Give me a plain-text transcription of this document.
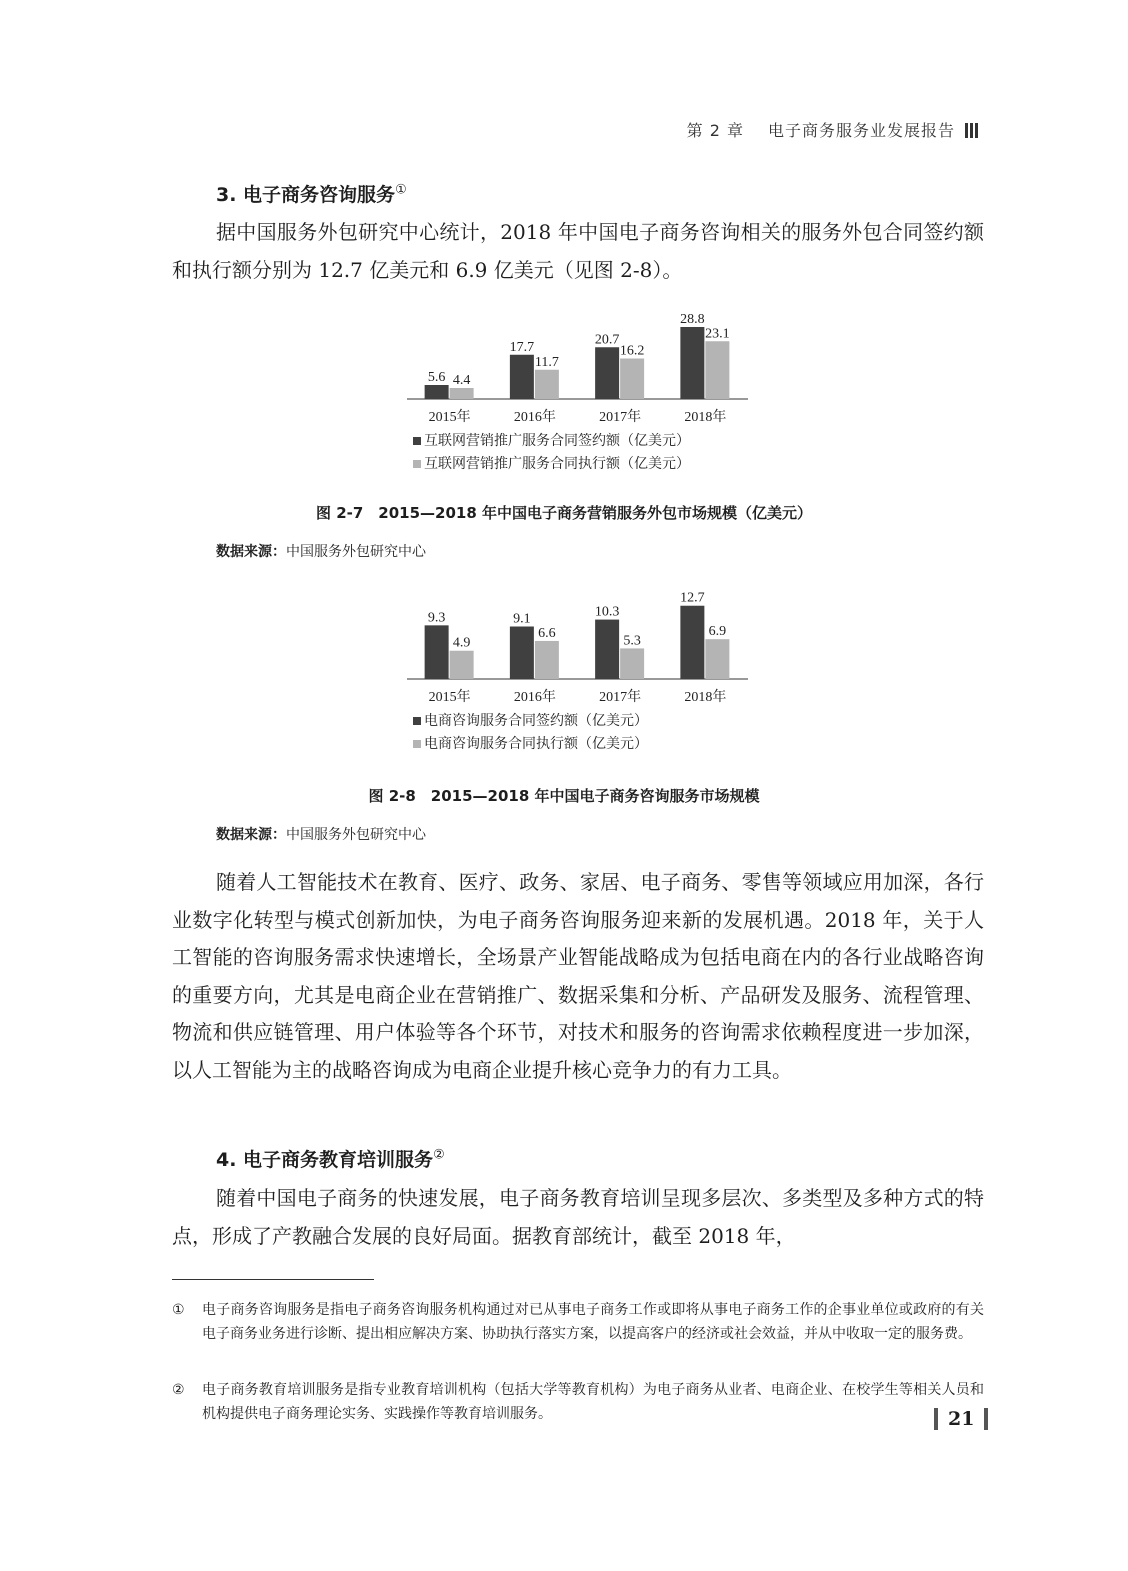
第 2 章 电子商务服务业发展报告
3. 电子商务咨询服务①

据中国服务外包研究中心统计，2018 年中国电子商务咨询相关的服务外包合同签约额和执行额分别为 12.7 亿美元和 6.9 亿美元（见图 2-8）。

5.6 4.4
2015年
17.7
11.7
2016年
20.7
16.2
2017年
28.8
23.1
2018年
互联网营销推广服务合同签约额（亿美元）
互联网营销推广服务合同执行额（亿美元）
图 2-7　2015—2018 年中国电子商务营销服务外包市场规模（亿美元）
数据来源：中国服务外包研究中心
9.3
4.9
2015年
9.1
6.6
2016年
10.3
5.3
2017年
12.7
6.9
2018年
电商咨询服务合同签约额（亿美元）
电商咨询服务合同执行额（亿美元）
图 2-8　2015—2018 年中国电子商务咨询服务市场规模
数据来源：中国服务外包研究中心

随着人工智能技术在教育、医疗、政务、家居、电子商务、零售等领域应用加深，各行业数字化转型与模式创新加快，为电子商务咨询服务迎来新的发展机遇。2018 年，关于人工智能的咨询服务需求快速增长，全场景产业智能战略成为包括电商在内的各行业战略咨询的重要方向，尤其是电商企业在营销推广、数据采集和分析、产品研发及服务、流程管理、物流和供应链管理、用户体验等各个环节，对技术和服务的咨询需求依赖程度进一步加深，以人工智能为主的战略咨询成为电商企业提升核心竞争力的有力工具。

4. 电子商务教育培训服务②

随着中国电子商务的快速发展，电子商务教育培训呈现多层次、多类型及多种方式的特点，形成了产教融合发展的良好局面。据教育部统计，截至 2018 年，

① 电子商务咨询服务是指电子商务咨询服务机构通过对已从事电子商务工作或即将从事电子商务工作的企事业单位或政府的有关电子商务业务进行诊断、提出相应解决方案、协助执行落实方案，以提高客户的经济或社会效益，并从中收取一定的服务费。
② 电子商务教育培训服务是指专业教育培训机构（包括大学等教育机构）为电子商务从业者、电商企业、在校学生等相关人员和机构提供电子商务理论实务、实践操作等教育培训服务。	21
